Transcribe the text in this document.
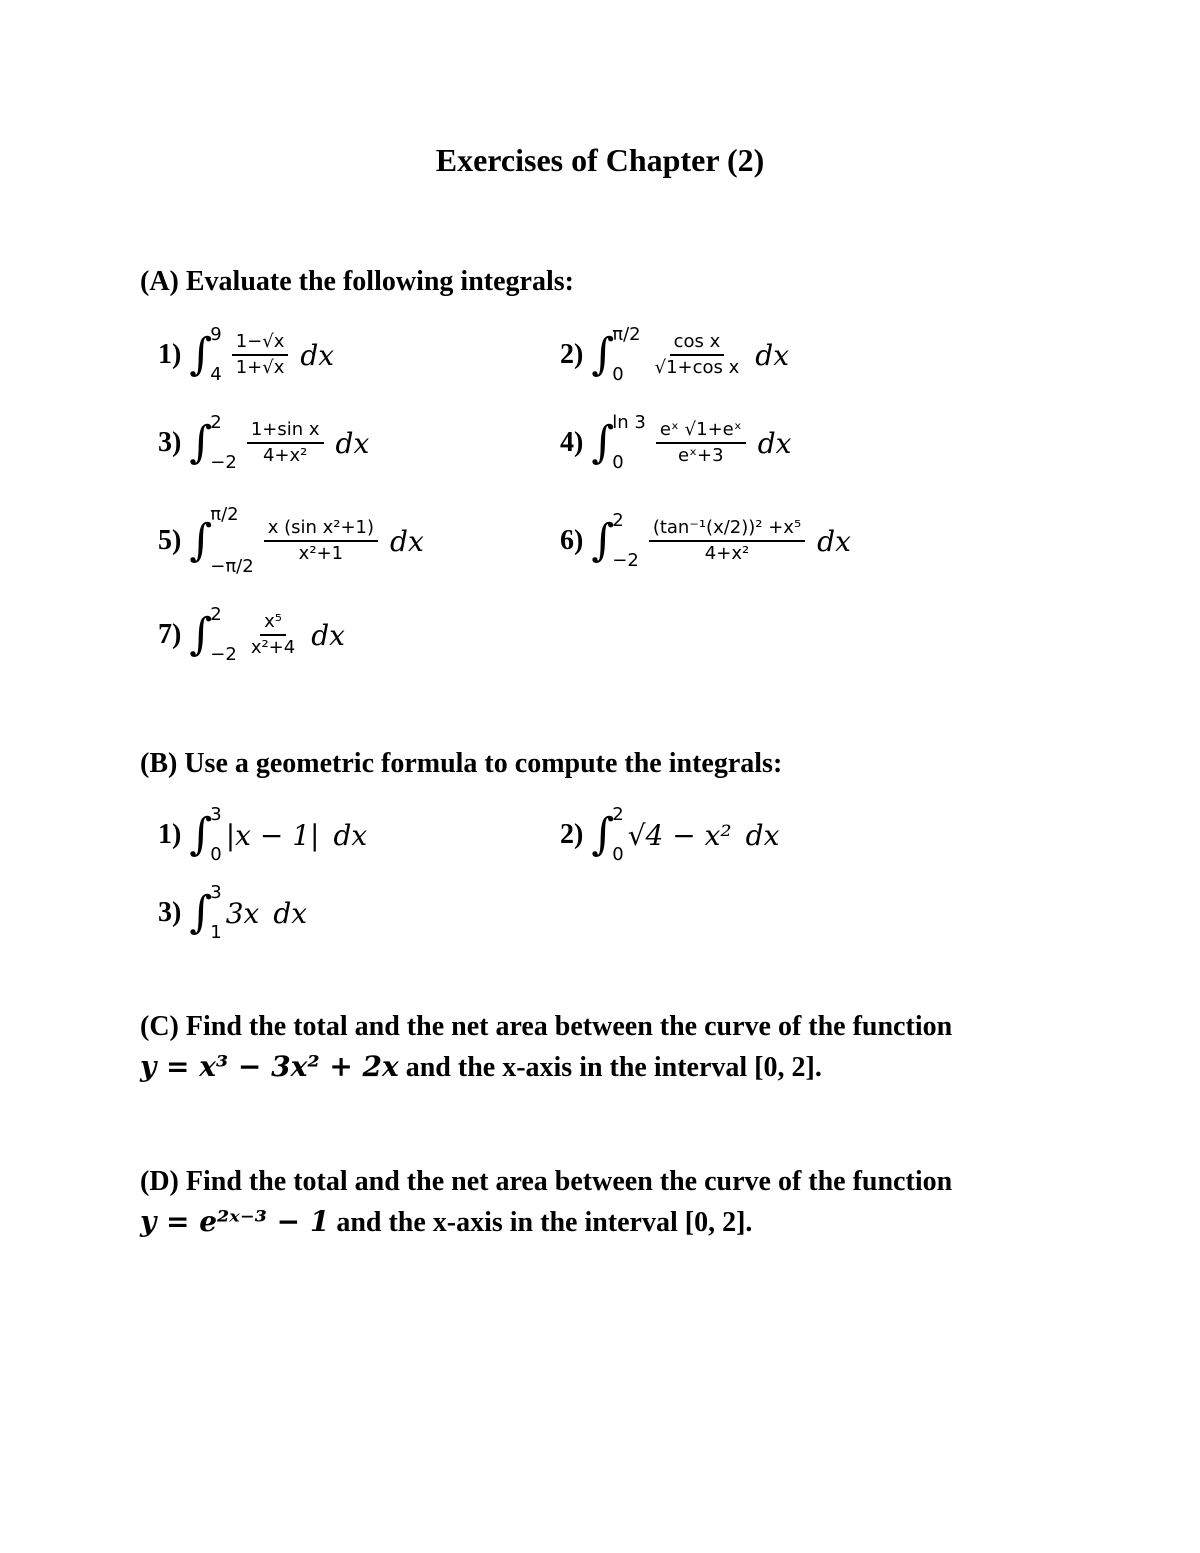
Exercises of Chapter (2)
(A) Evaluate the following integrals:
1) ∫
9
$4 \frac{1-√x}{1+√x}$ dx	2) ∫
π/2
0	$\frac{\text{cos x}}{\text{√1+cos x}}$ dx
3) ∫
2
$-2 \frac{\text{1+sin x}}{\text{4+x²}}$ dx	4) ∫
ln 3
0	$\frac{\text{eˣ √1+eˣ}}{\text{eˣ+3}}$ dx
5) ∫
π/2
−π/2
$\frac{\text{x (sin x²+1)}}{\text{x²+1}}$ dx	6) ∫
2
$-2 \frac{\text{(tan⁻¹(x/2))² +x⁵}}{\text{4+x²}}$ dx
7) ∫
2
$-2 \frac{\text{x⁵}}{\text{x²+4}}$ dx
(B) Use a geometric formula to compute the integrals:
1) ∫
3
0
|x − 1| dx	2) ∫
2
0
√4 − x² dx
3) ∫
3
1
3x dx
(C) Find the total and the net area between the curve of the function
y = x³ − 3x² + 2x and the x-axis in the interval [0, 2].
(D) Find the total and the net area between the curve of the function
y = e²ˣ⁻³ − 1 and the x-axis in the interval [0, 2].
